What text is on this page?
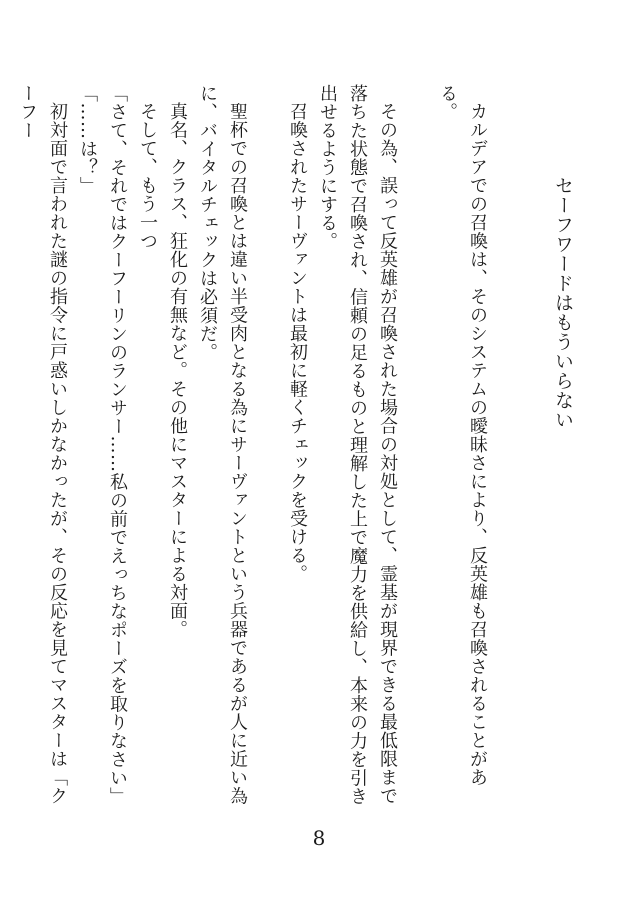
セーフワードはもういらない

カルデアでの召喚は、そのシステムの曖昧さにより、反英雄も召喚されることがある。

その為、誤って反英雄が召喚された場合の対処として、霊基が現界できる最低限まで落ちた状態で召喚され、信頼の足るものと理解した上で魔力を供給し、本来の力を引き出せるようにする。

召喚されたサーヴァントは最初に軽くチェックを受ける。

聖杯での召喚とは違い半受肉となる為にサーヴァントという兵器であるが人に近い為に、バイタルチェックは必須だ。

真名、クラス、狂化の有無など。その他にマスターによる対面。

そして、もう一つ

「さて、それではクーフーリンのランサー……私の前でえっちなポーズを取りなさい」

「……は？」

初対面で言われた謎の指令に戸惑いしかなかったが、その反応を見てマスターは「クーフー

8
